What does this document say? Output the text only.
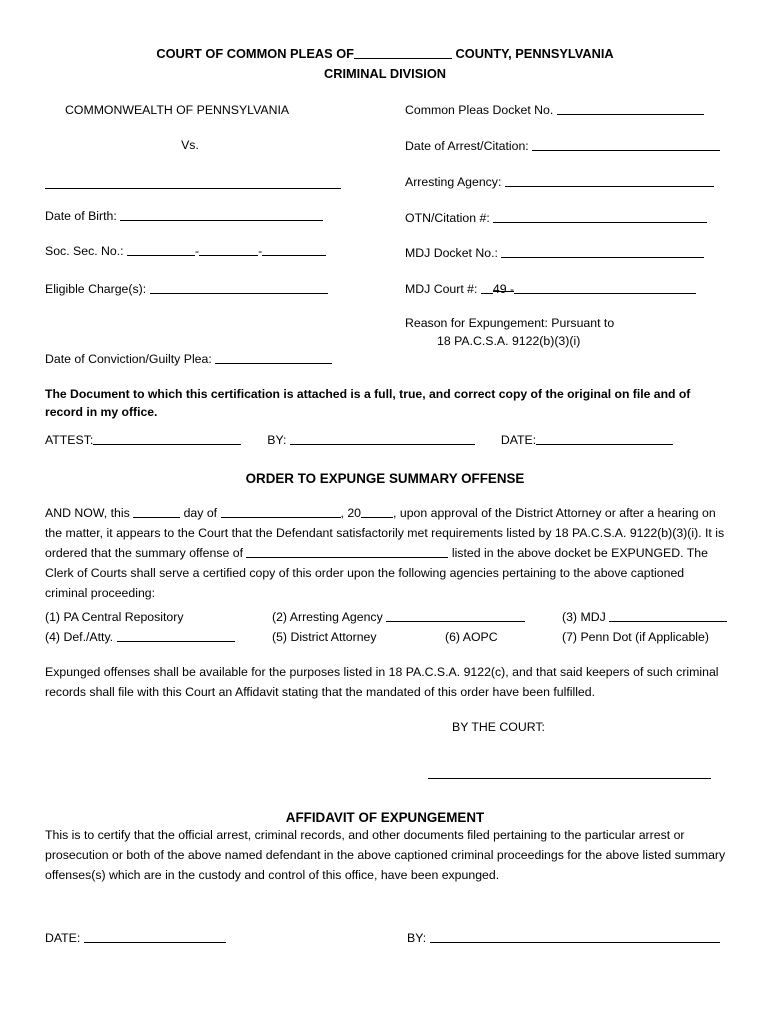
COURT OF COMMON PLEAS OF	COUNTY, PENNSYLVANIA
CRIMINAL DIVISION
COMMONWEALTH OF PENNSYLVANIA
Vs.
Date of Birth:
Soc. Sec. No.:	-	-
Eligible Charge(s):
Date of Conviction/Guilty Plea:
Common Pleas Docket No.
Date of Arrest/Citation:
Arresting Agency:
OTN/Citation #:
MDJ Docket No.:
MDJ Court #: 49 -
Reason for Expungement: Pursuant to
18 PA.C.S.A. 9122(b)(3)(i)
The Document to which this certification is attached is a full, true, and correct copy of the original on file and of record in my office.
ATTEST:	BY:	DATE:
ORDER TO EXPUNGE SUMMARY OFFENSE
AND NOW, this	day of	, 20	, upon approval of the District Attorney or after a hearing on the matter, it appears to the Court that the Defendant satisfactorily met requirements listed by 18 PA.C.S.A. 9122(b)(3)(i). It is ordered that the summary offense of	listed in the above docket be EXPUNGED. The Clerk of Courts shall serve a certified copy of this order upon the following agencies pertaining to the above captioned criminal proceeding:
(1) PA Central Repository	(2) Arresting Agency	(3) MDJ
(4) Def./Atty.	(5) District Attorney	(6) AOPC	(7) Penn Dot (if Applicable)
Expunged offenses shall be available for the purposes listed in 18 PA.C.S.A. 9122(c), and that said keepers of such criminal records shall file with this Court an Affidavit stating that the mandated of this order have been fulfilled.
BY THE COURT:
AFFIDAVIT OF EXPUNGEMENT
This is to certify that the official arrest, criminal records, and other documents filed pertaining to the particular arrest or prosecution or both of the above named defendant in the above captioned criminal proceedings for the above listed summary offenses(s) which are in the custody and control of this office, have been expunged.
DATE:	BY:
